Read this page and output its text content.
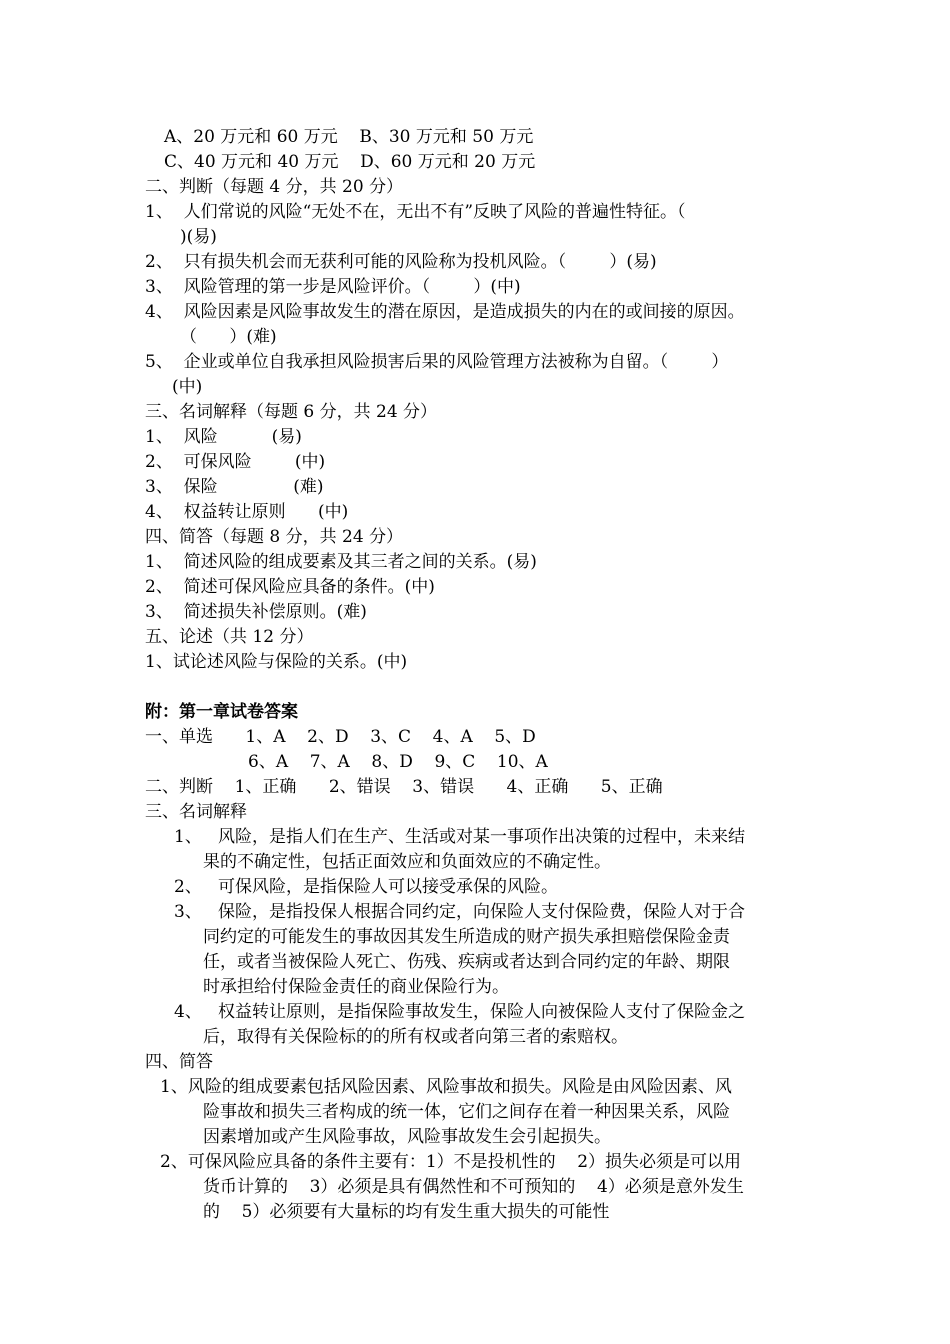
A、20 万元和 60 万元    B、30 万元和 50 万元
C、40 万元和 40 万元    D、60 万元和 20 万元
二、判断（每题 4 分，共 20 分）
1、  人们常说的风险“无处不在，无出不有”反映了风险的普遍性特征。（
)(易)
2、  只有损失机会而无获利可能的风险称为投机风险。（        ）(易)
3、  风险管理的第一步是风险评价。（        ）(中)
4、  风险因素是风险事故发生的潜在原因，是造成损失的内在的或间接的原因。
（      ）(难)
5、  企业或单位自我承担风险损害后果的风险管理方法被称为自留。（        ）
(中)
三、名词解释（每题 6 分，共 24 分）
1、  风险          (易)
2、  可保风险        (中)
3、  保险              (难)
4、  权益转让原则      (中)
四、简答（每题 8 分，共 24 分）
1、  简述风险的组成要素及其三者之间的关系。(易)
2、  简述可保风险应具备的条件。(中)
3、  简述损失补偿原则。(难)
五、论述（共 12 分）
1、试论述风险与保险的关系。(中)
附：第一章试卷答案
一、单选      1、A    2、D    3、C    4、A    5、D
6、A    7、A    8、D    9、C    10、A
二、判断    1、正确      2、错误    3、错误      4、正确      5、正确
三、名词解释
1、   风险，是指人们在生产、生活或对某一事项作出决策的过程中，未来结
果的不确定性，包括正面效应和负面效应的不确定性。
2、   可保风险，是指保险人可以接受承保的风险。
3、   保险，是指投保人根据合同约定，向保险人支付保险费，保险人对于合
同约定的可能发生的事故因其发生所造成的财产损失承担赔偿保险金责
任，或者当被保险人死亡、伤残、疾病或者达到合同约定的年龄、期限
时承担给付保险金责任的商业保险行为。
4、   权益转让原则，是指保险事故发生，保险人向被保险人支付了保险金之
后，取得有关保险标的的所有权或者向第三者的索赔权。
四、简答
1、风险的组成要素包括风险因素、风险事故和损失。风险是由风险因素、风
险事故和损失三者构成的统一体，它们之间存在着一种因果关系，风险
因素增加或产生风险事故，风险事故发生会引起损失。
2、可保风险应具备的条件主要有：1）不是投机性的    2）损失必须是可以用
货币计算的    3）必须是具有偶然性和不可预知的    4）必须是意外发生
的    5）必须要有大量标的均有发生重大损失的可能性
